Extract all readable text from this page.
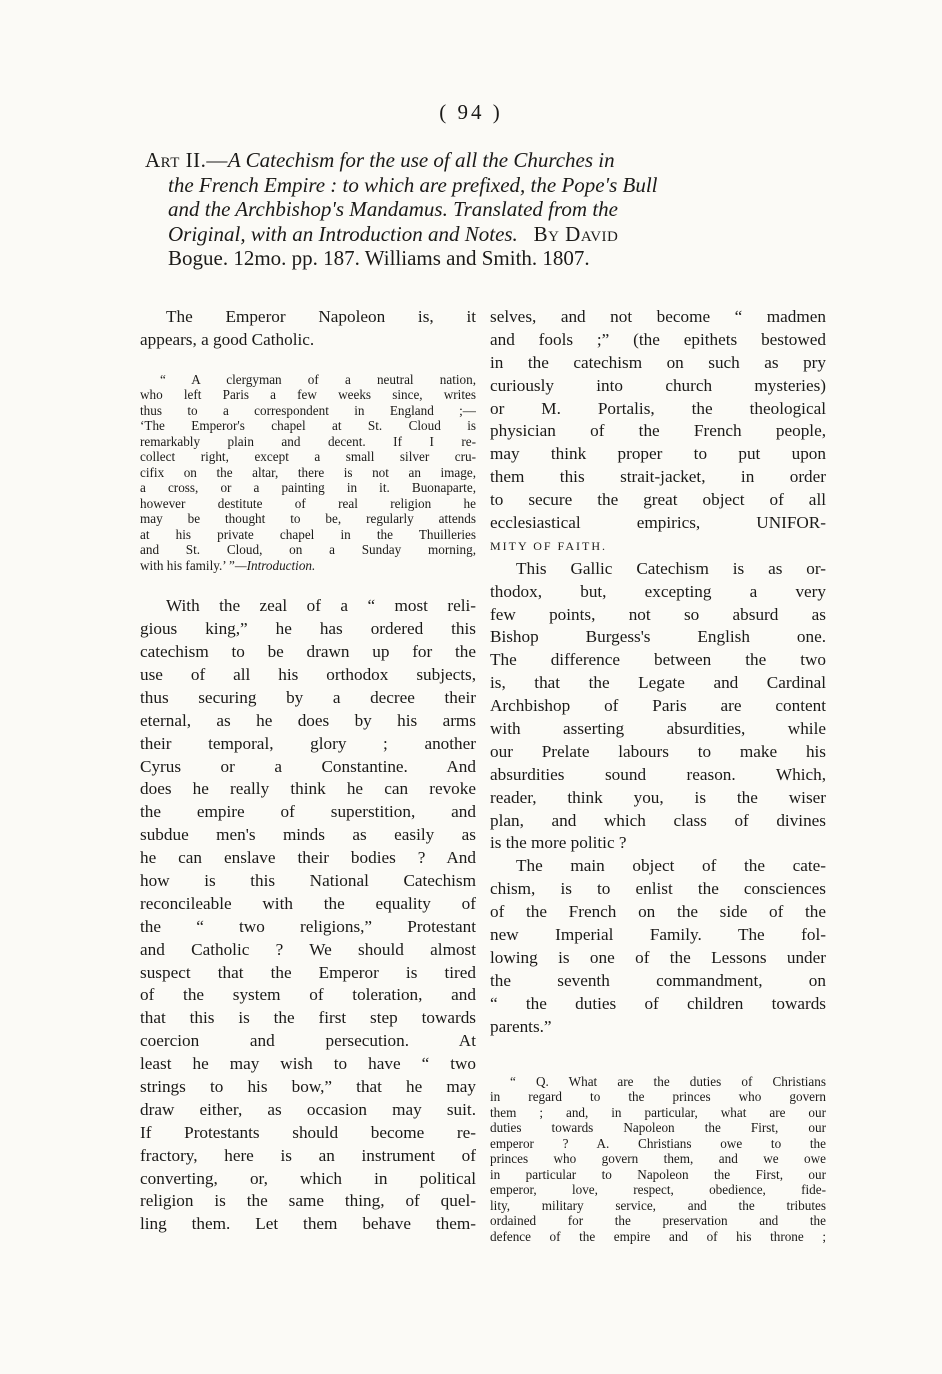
( 94 )
Art II.—A Catechism for the use of all the Churches in
the French Empire : to which are prefixed, the Pope's Bull
and the Archbishop's Mandamus. Translated from the
Original, with an Introduction and Notes. By David
Bogue. 12mo. pp. 187. Williams and Smith. 1807.
The Emperor Napoleon is, it
appears, a good Catholic.
“ A clergyman of a neutral nation,
who left Paris a few weeks since, writes
thus to a correspondent in England ;—
‘The Emperor's chapel at St. Cloud is
remarkably plain and decent. If I re-
collect right, except a small silver cru-
cifix on the altar, there is not an image,
a cross, or a painting in it. Buonaparte,
however destitute of real religion he
may be thought to be, regularly attends
at his private chapel in the Thuilleries
and St. Cloud, on a Sunday morning,
with his family.’ ”—Introduction.
With the zeal of a “ most reli-
gious king,” he has ordered this
catechism to be drawn up for the
use of all his orthodox subjects,
thus securing by a decree their
eternal, as he does by his arms
their temporal, glory ; another
Cyrus or a Constantine. And
does he really think he can revoke
the empire of superstition, and
subdue men's minds as easily as
he can enslave their bodies ? And
how is this National Catechism
reconcileable with the equality of
the “ two religions,” Protestant
and Catholic ? We should almost
suspect that the Emperor is tired
of the system of toleration, and
that this is the first step towards
coercion and persecution. At
least he may wish to have “ two
strings to his bow,” that he may
draw either, as occasion may suit.
If Protestants should become re-
fractory, here is an instrument of
converting, or, which in political
religion is the same thing, of quel-
ling them. Let them behave them-
selves, and not become “ madmen
and fools ;” (the epithets bestowed
in the catechism on such as pry
curiously into church mysteries)
or M. Portalis, the theological
physician of the French people,
may think proper to put upon
them this strait-jacket, in order
to secure the great object of all
ecclesiastical empirics, UNIFOR-
MITY OF FAITH.
This Gallic Catechism is as or-
thodox, but, excepting a very
few points, not so absurd as
Bishop Burgess's English one.
The difference between the two
is, that the Legate and Cardinal
Archbishop of Paris are content
with asserting absurdities, while
our Prelate labours to make his
absurdities sound reason. Which,
reader, think you, is the wiser
plan, and which class of divines
is the more politic ?
The main object of the cate-
chism, is to enlist the consciences
of the French on the side of the
new Imperial Family. The fol-
lowing is one of the Lessons under
the seventh commandment, on
“ the duties of children towards
parents.”
“ Q. What are the duties of Christians
in regard to the princes who govern
them ; and, in particular, what are our
duties towards Napoleon the First, our
emperor ? A. Christians owe to the
princes who govern them, and we owe
in particular to Napoleon the First, our
emperor, love, respect, obedience, fide-
lity, military service, and the tributes
ordained for the preservation and the
defence of the empire and of his throne ;
